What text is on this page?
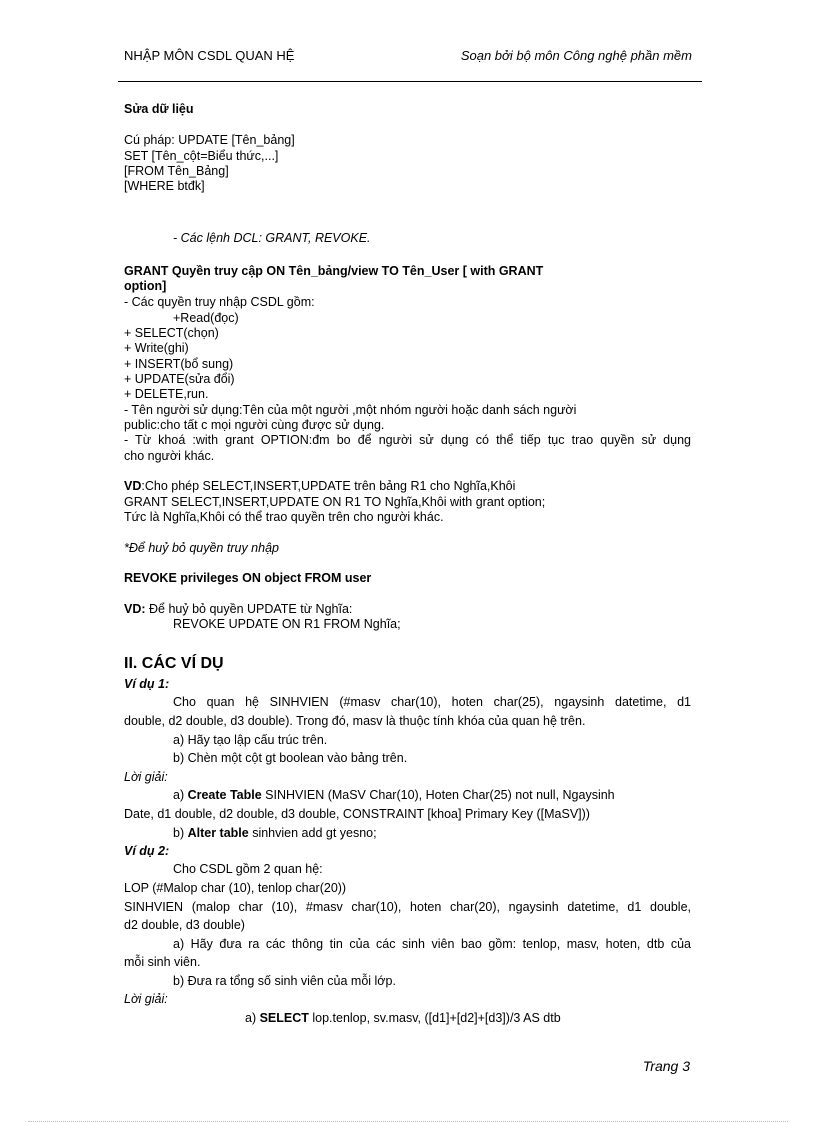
NHẬP MÔN CSDL QUAN HỆ	Soạn bởi bộ môn Công nghệ phần mềm
Sửa dữ liệu
Cú pháp: UPDATE [Tên_bảng]
SET [Tên_cột=Biểu thức,...]
[FROM Tên_Bảng]
[WHERE btđk]
- Các lệnh DCL: GRANT, REVOKE.
GRANT Quyền truy cập ON Tên_bảng/view TO Tên_User [ with GRANT
option]
- Các quyền truy nhập CSDL gồm:
+Read(đọc)
+ SELECT(chọn)
+ Write(ghi)
+ INSERT(bổ sung)
+ UPDATE(sửa đổi)
+ DELETE,run.
- Tên người sử dụng:Tên của một người ,một nhóm người hoặc danh sách người
public:cho tất c mọi người cùng được sử dụng.
- Từ khoá :with grant OPTION:đm bo để người sử dụng có thể tiếp tục trao quyền sử dụng
cho người khác.
VD:Cho phép SELECT,INSERT,UPDATE trên bảng R1 cho Nghĩa,Khôi
GRANT SELECT,INSERT,UPDATE ON R1 TO Nghĩa,Khôi with grant option;
Tức là Nghĩa,Khôi có thể trao quyền trên cho người khác.
*Để huỷ bỏ quyền truy nhập
REVOKE privileges ON object FROM user
VD: Để huỷ bỏ quyền UPDATE từ Nghĩa:
REVOKE UPDATE ON R1 FROM Nghĩa;
II. CÁC VÍ DỤ
Ví dụ 1:
Cho quan hệ SINHVIEN (#masv char(10), hoten char(25), ngaysinh datetime, d1
double, d2 double, d3 double). Trong đó, masv là thuộc tính khóa của quan hệ trên.
a) Hãy tạo lập cấu trúc trên.
b) Chèn một cột gt boolean vào bảng trên.
Lời giải:
a) Create Table SINHVIEN (MaSV Char(10), Hoten Char(25) not null, Ngaysinh
Date, d1 double, d2 double, d3 double, CONSTRAINT [khoa] Primary Key ([MaSV]))
b) Alter table sinhvien add gt yesno;
Ví dụ 2:
Cho CSDL gồm 2 quan hệ:
LOP (#Malop char (10), tenlop char(20))
SINHVIEN (malop char (10), #masv char(10), hoten char(20), ngaysinh datetime, d1 double,
d2 double, d3 double)
a) Hãy đưa ra các thông tin của các sinh viên bao gồm: tenlop, masv, hoten, dtb của
mỗi sinh viên.
b) Đưa ra tổng số sinh viên của mỗi lớp.
Lời giải:
a) SELECT lop.tenlop, sv.masv, ([d1]+[d2]+[d3])/3 AS dtb
Trang 3
